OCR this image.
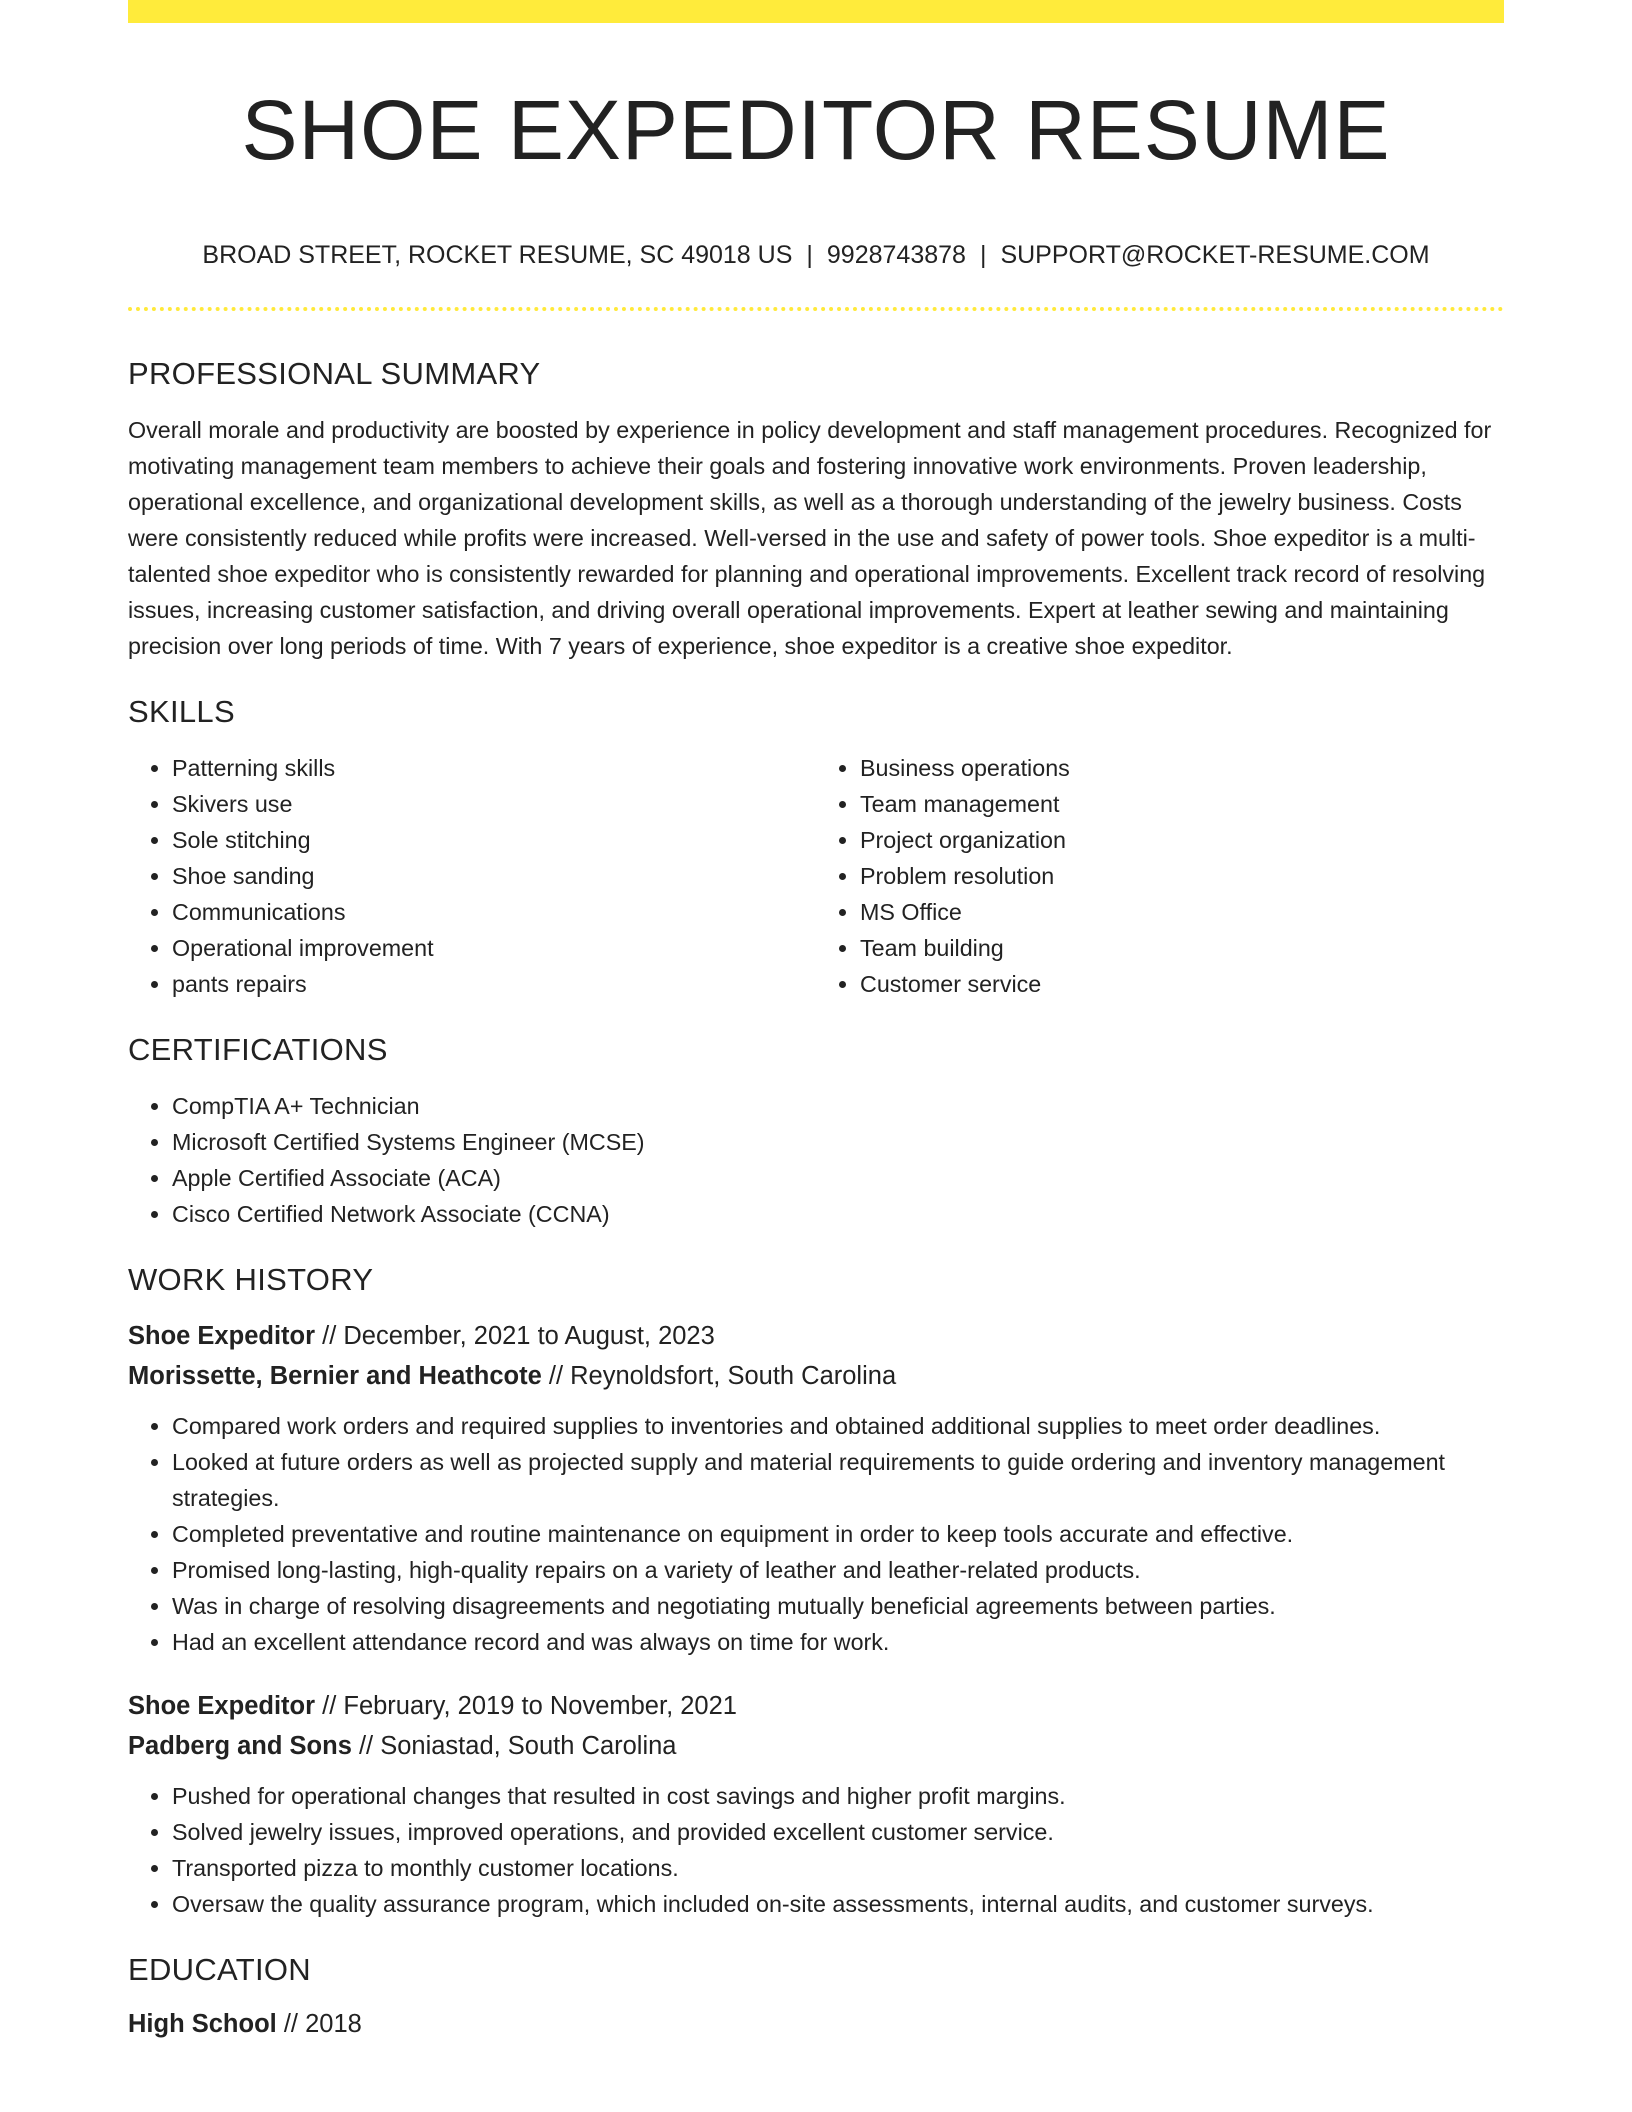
SHOE EXPEDITOR RESUME
BROAD STREET, ROCKET RESUME, SC 49018 US | 9928743878 | SUPPORT@ROCKET-RESUME.COM
PROFESSIONAL SUMMARY

Overall morale and productivity are boosted by experience in policy development and staff management procedures. Recognized for motivating management team members to achieve their goals and fostering innovative work environments. Proven leadership, operational excellence, and organizational development skills, as well as a thorough understanding of the jewelry business. Costs were consistently reduced while profits were increased. Well-versed in the use and safety of power tools. Shoe expeditor is a multi-talented shoe expeditor who is consistently rewarded for planning and operational improvements. Excellent track record of resolving issues, increasing customer satisfaction, and driving overall operational improvements. Expert at leather sewing and maintaining precision over long periods of time. With 7 years of experience, shoe expeditor is a creative shoe expeditor.

SKILLS
• Patterning skills
• Skivers use
• Sole stitching
• Shoe sanding
• Communications
• Operational improvement
• pants repairs
• Business operations
• Team management
• Project organization
• Problem resolution
• MS Office
• Team building
• Customer service
CERTIFICATIONS
• CompTIA A+ Technician
• Microsoft Certified Systems Engineer (MCSE)
• Apple Certified Associate (ACA)
• Cisco Certified Network Associate (CCNA)
WORK HISTORY
Shoe Expeditor // December, 2021 to August, 2023
Morissette, Bernier and Heathcote // Reynoldsfort, South Carolina
• Compared work orders and required supplies to inventories and obtained additional supplies to meet order deadlines.
• Looked at future orders as well as projected supply and material requirements to guide ordering and inventory management strategies.
• Completed preventative and routine maintenance on equipment in order to keep tools accurate and effective.
• Promised long-lasting, high-quality repairs on a variety of leather and leather-related products.
• Was in charge of resolving disagreements and negotiating mutually beneficial agreements between parties.
• Had an excellent attendance record and was always on time for work.
Shoe Expeditor // February, 2019 to November, 2021
Padberg and Sons // Soniastad, South Carolina
• Pushed for operational changes that resulted in cost savings and higher profit margins.
• Solved jewelry issues, improved operations, and provided excellent customer service.
• Transported pizza to monthly customer locations.
• Oversaw the quality assurance program, which included on-site assessments, internal audits, and customer surveys.
EDUCATION
High School // 2018
